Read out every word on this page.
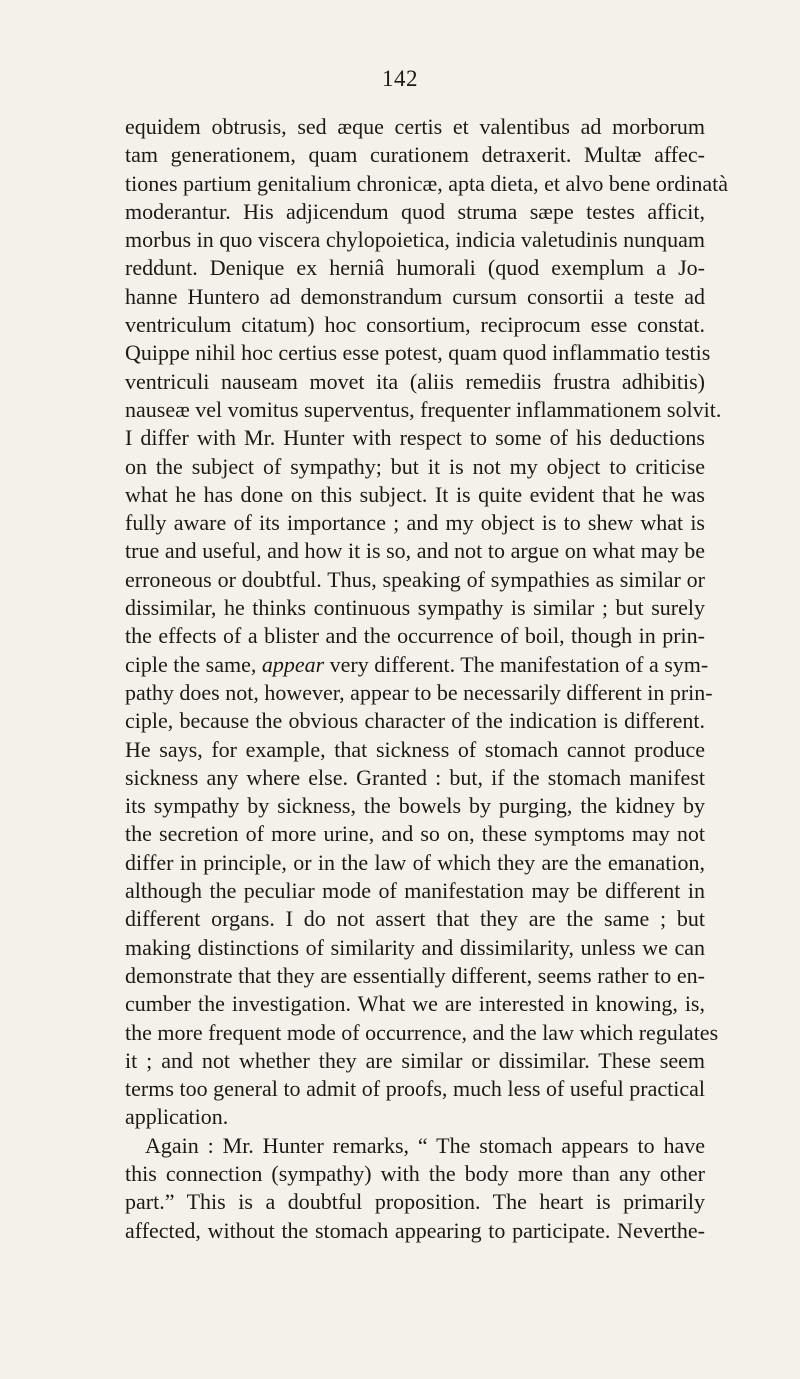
142
equidem obtrusis, sed æque certis et valentibus ad morborum
tam generationem, quam curationem detraxerit. Multæ affec-
tiones partium genitalium chronicæ, apta dieta, et alvo bene ordinatà
moderantur. His adjicendum quod struma sæpe testes afficit,
morbus in quo viscera chylopoietica, indicia valetudinis nunquam
reddunt. Denique ex herniâ humorali (quod exemplum a Jo-
hanne Huntero ad demonstrandum cursum consortii a teste ad
ventriculum citatum) hoc consortium, reciprocum esse constat.
Quippe nihil hoc certius esse potest, quam quod inflammatio testis
ventriculi nauseam movet ita (aliis remediis frustra adhibitis)
nauseæ vel vomitus superventus, frequenter inflammationem solvit.
I differ with Mr. Hunter with respect to some of his deductions
on the subject of sympathy; but it is not my object to criticise
what he has done on this subject. It is quite evident that he was
fully aware of its importance ; and my object is to shew what is
true and useful, and how it is so, and not to argue on what may be
erroneous or doubtful. Thus, speaking of sympathies as similar or
dissimilar, he thinks continuous sympathy is similar ; but surely
the effects of a blister and the occurrence of boil, though in prin-
ciple the same, appear very different. The manifestation of a sym-
pathy does not, however, appear to be necessarily different in prin-
ciple, because the obvious character of the indication is different.
He says, for example, that sickness of stomach cannot produce
sickness any where else. Granted : but, if the stomach manifest
its sympathy by sickness, the bowels by purging, the kidney by
the secretion of more urine, and so on, these symptoms may not
differ in principle, or in the law of which they are the emanation,
although the peculiar mode of manifestation may be different in
different organs. I do not assert that they are the same ; but
making distinctions of similarity and dissimilarity, unless we can
demonstrate that they are essentially different, seems rather to en-
cumber the investigation. What we are interested in knowing, is,
the more frequent mode of occurrence, and the law which regulates
it ; and not whether they are similar or dissimilar. These seem
terms too general to admit of proofs, much less of useful practical
application.
Again : Mr. Hunter remarks, “ The stomach appears to have
this connection (sympathy) with the body more than any other
part.” This is a doubtful proposition. The heart is primarily
affected, without the stomach appearing to participate. Neverthe-
